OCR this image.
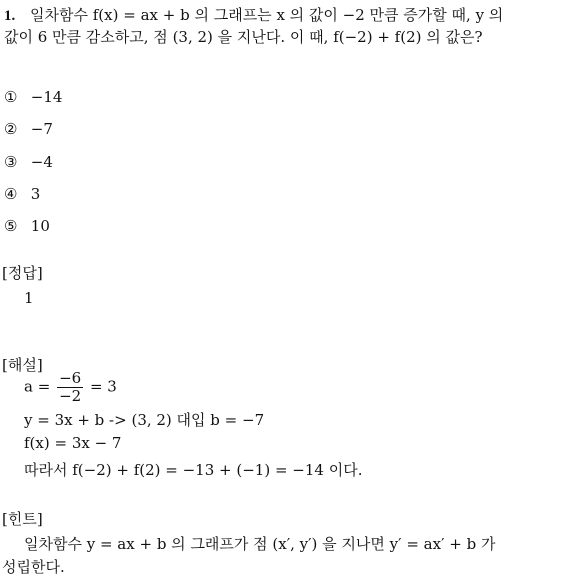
1. 일차함수 f(x) = ax + b 의 그래프는 x 의 값이 −2 만큼 증가할 때, y 의
값이 6 만큼 감소하고, 점 (3, 2) 을 지난다. 이 때, f(−2) + f(2) 의 값은?
① −14
② −7
③ −4
④ 3
⑤ 10
[정답]
1
[해설]
$a = \frac{-6}{-2} = 3$
y = 3x + b -> (3, 2) 대입 b = −7
f(x) = 3x − 7
따라서 f(−2) + f(2) = −13 + (−1) = −14 이다.
[힌트]
일차함수 y = ax + b 의 그래프가 점 (x′, y′) 을 지나면 y′ = ax′ + b 가
성립한다.
